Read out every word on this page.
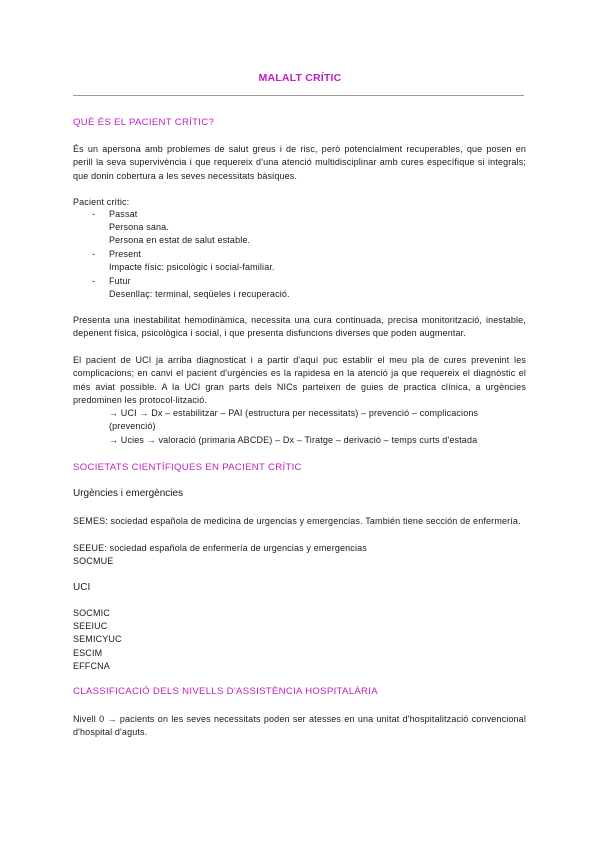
MALALT CRÍTIC
QUÈ ÉS EL PACIENT CRÍTIC?
És un apersona amb problemes de salut greus i de risc, però potencialment recuperables, que posen en perill la seva supervivència i que requereix d'una atenció multidisciplinar amb cures específique si integrals; que donin cobertura a les seves necessitats bàsiques.
Pacient crític:
- Passat
Persona sana.
Persona en estat de salut estable.
- Present
Impacte físic: psicològic i social-familiar.
- Futur
Desenllaç: terminal, seqüeles i recuperació.
Presenta una inestabilitat hemodinàmica, necessita una cura continuada, precisa monitorització, inestable, depenent física, psicològica i social, i que presenta disfuncions diverses que poden augmentar.
El pacient de UCI ja arriba diagnosticat i a partir d'aquí puc establir el meu pla de cures prevenint les complicacions; en canvi el pacient d'urgències es la rapidesa en la atenció ja que requereix el diagnòstic el més aviat possible. A la UCI gran parts dels NICs parteixen de guies de practica clínica, a urgències predominen les protocol·lització.
→ UCI → Dx – estabilitzar – PAI (estructura per necessitats) – prevenció – complicacions (prevenció)
→ Ucies → valoració (primaria ABCDE) – Dx – Tiratge – derivació – temps curts d'estada
SOCIETATS CIENTÍFIQUES EN PACIENT CRÍTIC
Urgències i emergències
SEMES: sociedad española de medicina de urgencias y emergencias. También tiene sección de enfermería.
SEEUE: sociedad española de enfermería de urgencias y emergencias
SOCMUE
UCI
SOCMIC
SEEIUC
SEMICYUC
ESCIM
EFFCNA
CLASSIFICACIÓ DELS NIVELLS D'ASSISTÈNCIA HOSPITALÀRIA
Nivell 0 → pacients on les seves necessitats poden ser atesses en una unitat d'hospitalització convencional d'hospital d'aguts.
